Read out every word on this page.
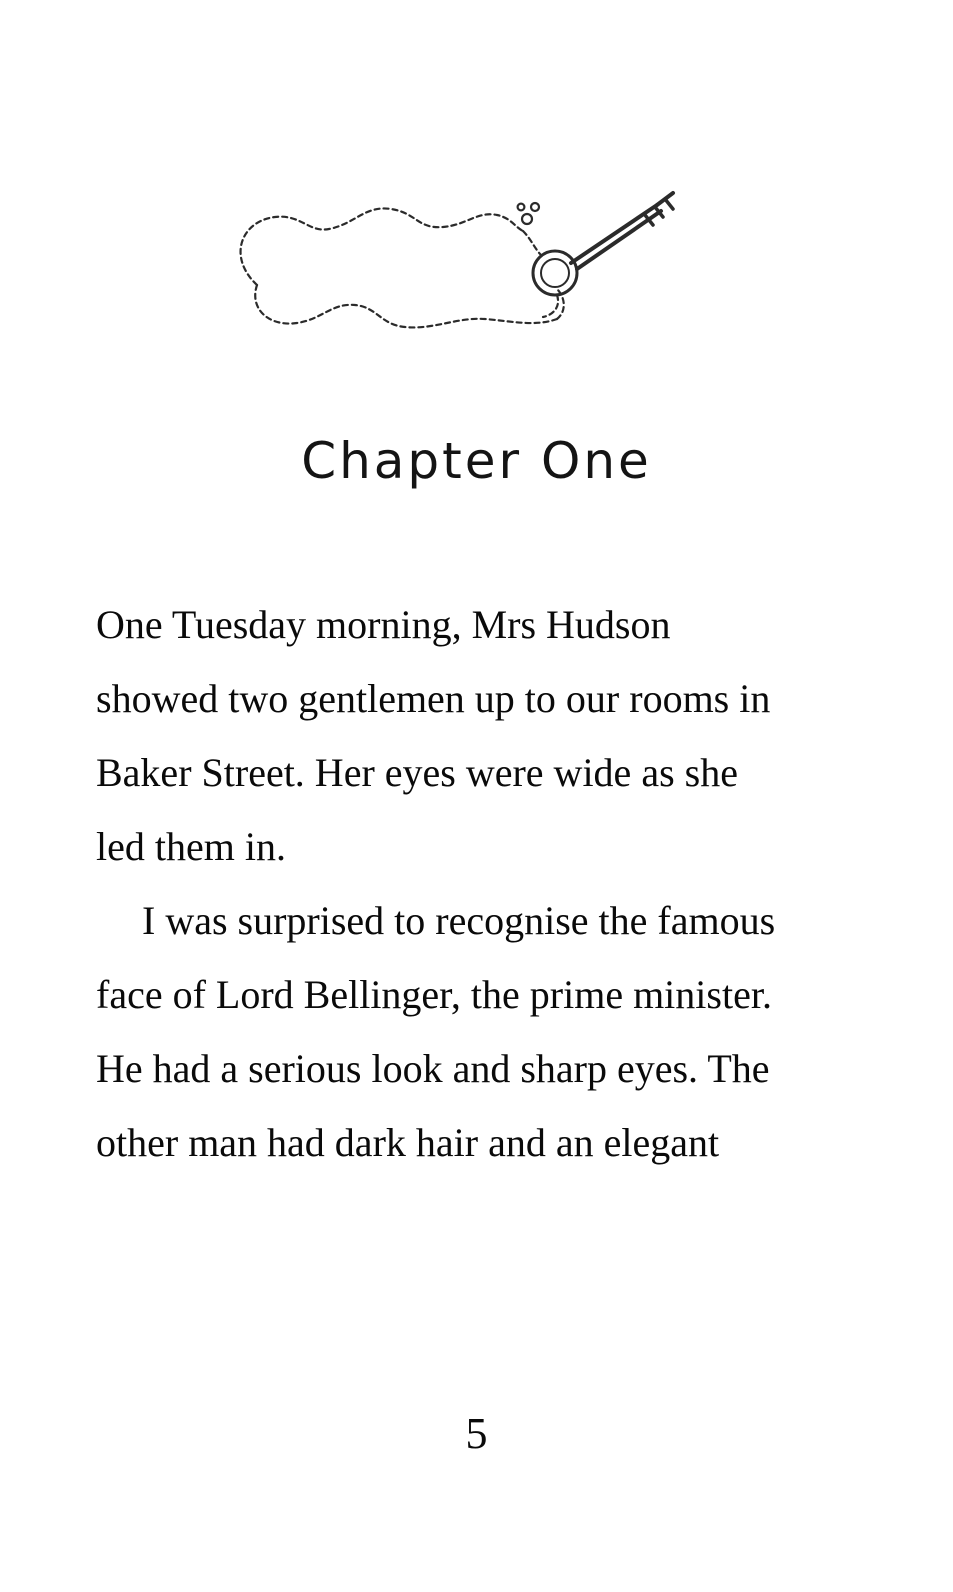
Chapter One

One Tuesday morning, Mrs Hudson showed two gentlemen up to our rooms in Baker Street. Her eyes were wide as she led them in.

I was surprised to recognise the famous face of Lord Bellinger, the prime minister. He had a serious look and sharp eyes. The other man had dark hair and an elegant

5
